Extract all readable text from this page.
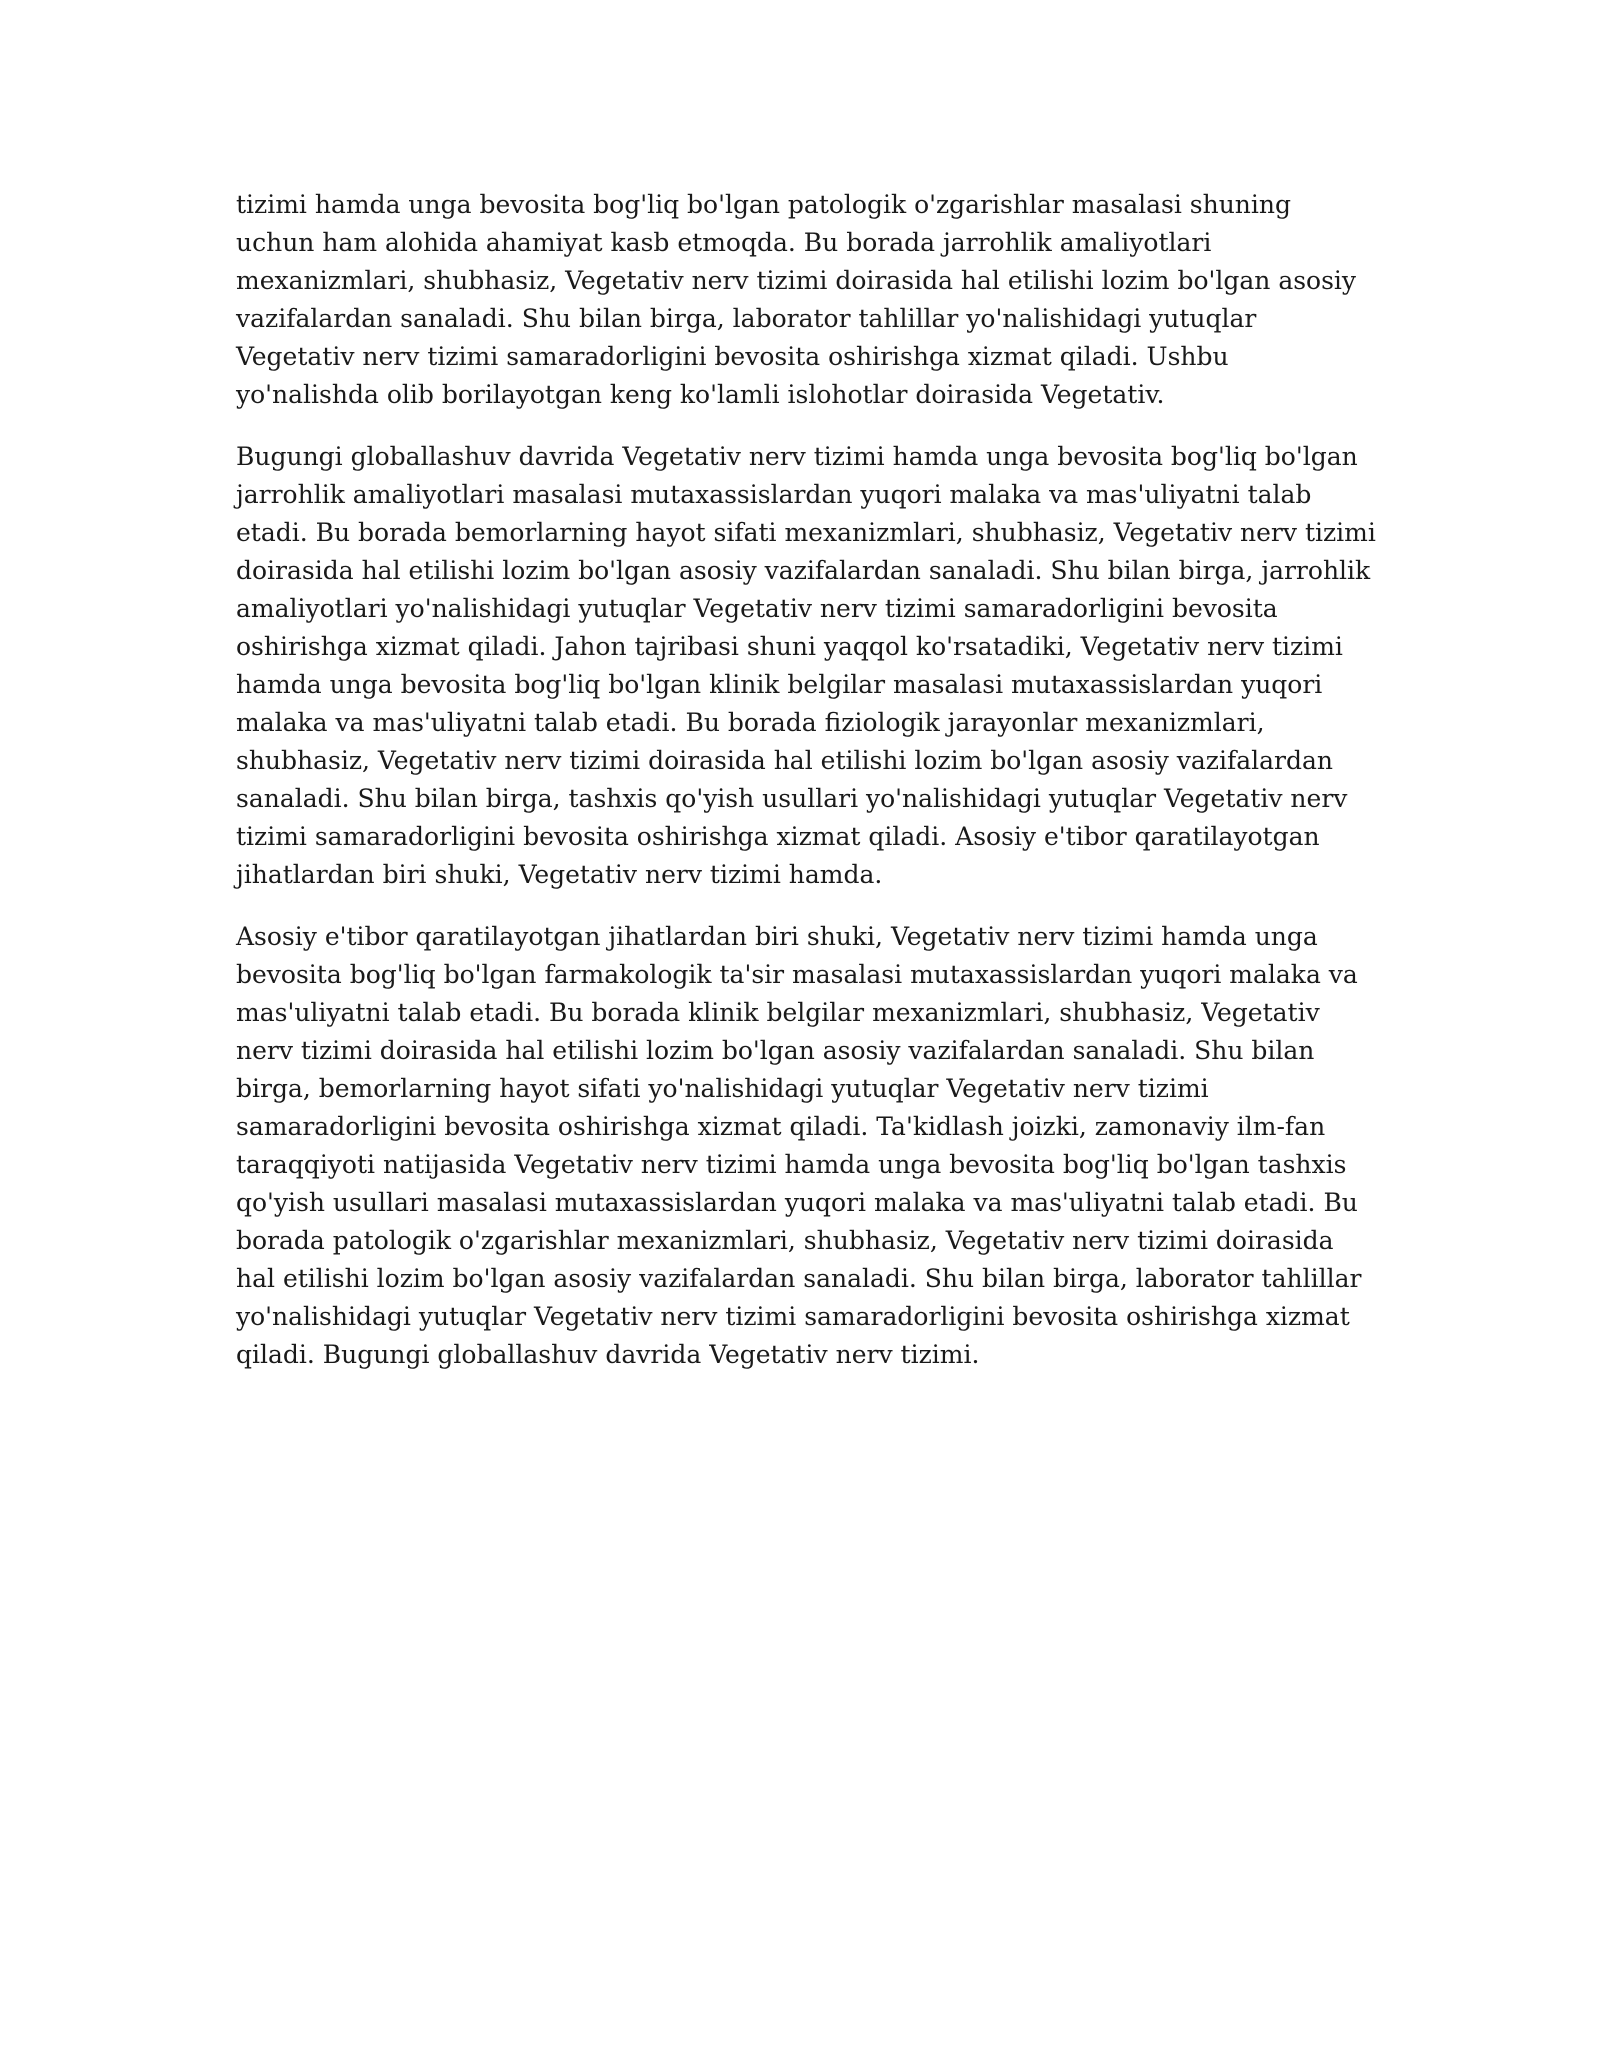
tizimi hamda unga bevosita bog'liq bo'lgan patologik o'zgarishlar masalasi shuning uchun ham alohida ahamiyat kasb etmoqda. Bu borada jarrohlik amaliyotlari mexanizmlari, shubhasiz, Vegetativ nerv tizimi doirasida hal etilishi lozim bo'lgan asosiy vazifalardan sanaladi. Shu bilan birga, laborator tahlillar yo'nalishidagi yutuqlar Vegetativ nerv tizimi samaradorligini bevosita oshirishga xizmat qiladi. Ushbu yo'nalishda olib borilayotgan keng ko'lamli islohotlar doirasida Vegetativ.

Bugungi globallashuv davrida Vegetativ nerv tizimi hamda unga bevosita bog'liq bo'lgan jarrohlik amaliyotlari masalasi mutaxassislardan yuqori malaka va mas'uliyatni talab etadi. Bu borada bemorlarning hayot sifati mexanizmlari, shubhasiz, Vegetativ nerv tizimi doirasida hal etilishi lozim bo'lgan asosiy vazifalardan sanaladi. Shu bilan birga, jarrohlik amaliyotlari yo'nalishidagi yutuqlar Vegetativ nerv tizimi samaradorligini bevosita oshirishga xizmat qiladi. Jahon tajribasi shuni yaqqol ko'rsatadiki, Vegetativ nerv tizimi hamda unga bevosita bog'liq bo'lgan klinik belgilar masalasi mutaxassislardan yuqori malaka va mas'uliyatni talab etadi. Bu borada fiziologik jarayonlar mexanizmlari, shubhasiz, Vegetativ nerv tizimi doirasida hal etilishi lozim bo'lgan asosiy vazifalardan sanaladi. Shu bilan birga, tashxis qo'yish usullari yo'nalishidagi yutuqlar Vegetativ nerv tizimi samaradorligini bevosita oshirishga xizmat qiladi. Asosiy e'tibor qaratilayotgan jihatlardan biri shuki, Vegetativ nerv tizimi hamda.

Asosiy e'tibor qaratilayotgan jihatlardan biri shuki, Vegetativ nerv tizimi hamda unga bevosita bog'liq bo'lgan farmakologik ta'sir masalasi mutaxassislardan yuqori malaka va mas'uliyatni talab etadi. Bu borada klinik belgilar mexanizmlari, shubhasiz, Vegetativ nerv tizimi doirasida hal etilishi lozim bo'lgan asosiy vazifalardan sanaladi. Shu bilan birga, bemorlarning hayot sifati yo'nalishidagi yutuqlar Vegetativ nerv tizimi samaradorligini bevosita oshirishga xizmat qiladi. Ta'kidlash joizki, zamonaviy ilm-fan taraqqiyoti natijasida Vegetativ nerv tizimi hamda unga bevosita bog'liq bo'lgan tashxis qo'yish usullari masalasi mutaxassislardan yuqori malaka va mas'uliyatni talab etadi. Bu borada patologik o'zgarishlar mexanizmlari, shubhasiz, Vegetativ nerv tizimi doirasida hal etilishi lozim bo'lgan asosiy vazifalardan sanaladi. Shu bilan birga, laborator tahlillar yo'nalishidagi yutuqlar Vegetativ nerv tizimi samaradorligini bevosita oshirishga xizmat qiladi. Bugungi globallashuv davrida Vegetativ nerv tizimi.
